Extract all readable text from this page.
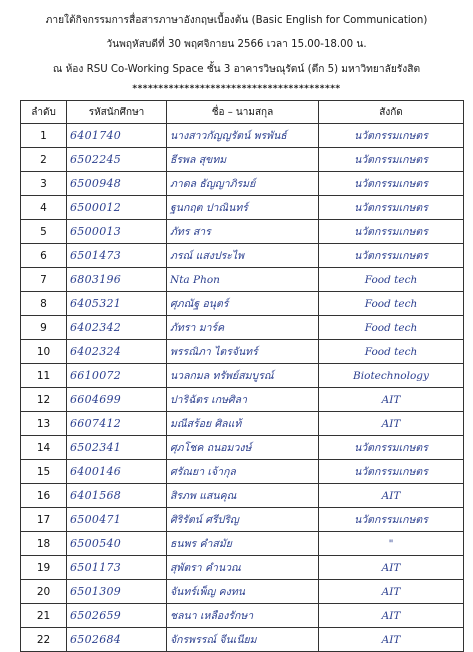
ภายใต้กิจกรรมการสื่อสารภาษาอังกฤษเบื้องต้น (Basic English for Communication)
วันพฤหัสบดีที่ 30 พฤศจิกายน 2566 เวลา 15.00-18.00 น.
ณ ห้อง RSU Co-Working Space ชั้น 3 อาคารวิษณุรัตน์ (ตึก 5) มหาวิทยาลัยรังสิต
****************************************
ลำดับ	รหัสนักศึกษา	ชื่อ – นามสกุล	สังกัด
1	6401740	นางสาวกัญญรัตน์ พรพันธ์	นวัตกรรมเกษตร
2	6502245	ธีรพล สุขทม	นวัตกรรมเกษตร
3	6500948	ภาดล ธัญญาภิรมย์	นวัตกรรมเกษตร
4	6500012	ฐนกฤต ปาณินทร์	นวัตกรรมเกษตร
5	6500013	ภัทร สาร	นวัตกรรมเกษตร
6	6501473	ภรณ์ แสงประไพ	นวัตกรรมเกษตร
7	6803196	Nta Phon	Food tech
8	6405321	ศุภณัฐ อนุตร์	Food tech
9	6402342	ภัทรา มาร์ค	Food tech
10	6402324	พรรณิภา ไตรจันทร์	Food tech
11	6610072	นวลกมล ทรัพย์สมบูรณ์	Biotechnology
12	6604699	ปาริฉัตร เกษศิลา	AIT
13	6607412	มณีสร้อย ศิลแท้	AIT
14	6502341	ศุภโชค ถนอมวงษ์	นวัตกรรมเกษตร
15	6400146	ศรัณยา เจ้ากุล	นวัตกรรมเกษตร
16	6401568	สิรภพ แสนคุณ	AIT
17	6500471	ศิริรัตน์ ศรีปริญ	นวัตกรรมเกษตร
18	6500540	ธนพร คำสมัย	"
19	6501173	สุพัตรา คำนวณ	AIT
20	6501309	จันทร์เพ็ญ คงทน	AIT
21	6502659	ชลนา เหลืองรักษา	AIT
22	6502684	จักรพรรณ์ จีนเนียม	AIT
